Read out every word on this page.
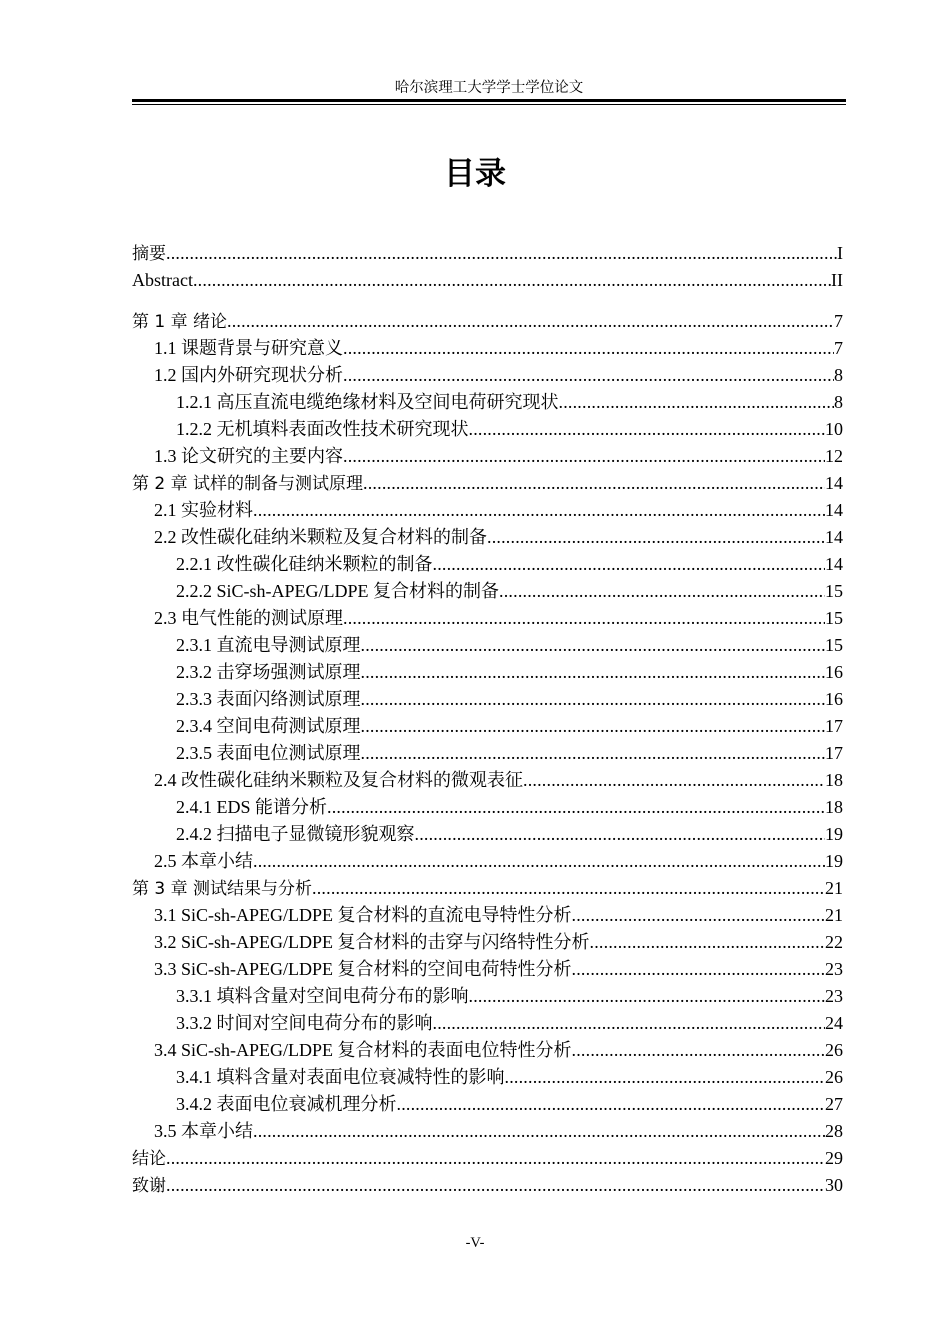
哈尔滨理工大学学士学位论文
目录
摘要 .....	I
Abstract .....	II
第 1 章 绪论 .....	7
1.1 课题背景与研究意义 .....	7
1.2 国内外研究现状分析 .....	8
1.2.1 高压直流电缆绝缘材料及空间电荷研究现状 .....	8
1.2.2 无机填料表面改性技术研究现状 .....	10
1.3 论文研究的主要内容 .....	12
第 2 章 试样的制备与测试原理 .....	14
2.1 实验材料 .....	14
2.2 改性碳化硅纳米颗粒及复合材料的制备 .....	14
2.2.1 改性碳化硅纳米颗粒的制备 .....	14
2.2.2 SiC-sh-APEG/LDPE 复合材料的制备 .....	15
2.3 电气性能的测试原理 .....	15
2.3.1 直流电导测试原理 .....	15
2.3.2 击穿场强测试原理 .....	16
2.3.3 表面闪络测试原理 .....	16
2.3.4 空间电荷测试原理 .....	17
2.3.5 表面电位测试原理 .....	17
2.4 改性碳化硅纳米颗粒及复合材料的微观表征 .....	18
2.4.1 EDS 能谱分析 .....	18
2.4.2 扫描电子显微镜形貌观察 .....	19
2.5 本章小结 .....	19
第 3 章 测试结果与分析 .....	21
3.1 SiC-sh-APEG/LDPE 复合材料的直流电导特性分析 .....	21
3.2 SiC-sh-APEG/LDPE 复合材料的击穿与闪络特性分析 .....	22
3.3 SiC-sh-APEG/LDPE 复合材料的空间电荷特性分析 .....	23
3.3.1 填料含量对空间电荷分布的影响 .....	23
3.3.2 时间对空间电荷分布的影响 .....	24
3.4 SiC-sh-APEG/LDPE 复合材料的表面电位特性分析 .....	26
3.4.1 填料含量对表面电位衰减特性的影响 .....	26
3.4.2 表面电位衰减机理分析 .....	27
3.5 本章小结 .....	28
结论 .....	29
致谢 .....	30
-V-
